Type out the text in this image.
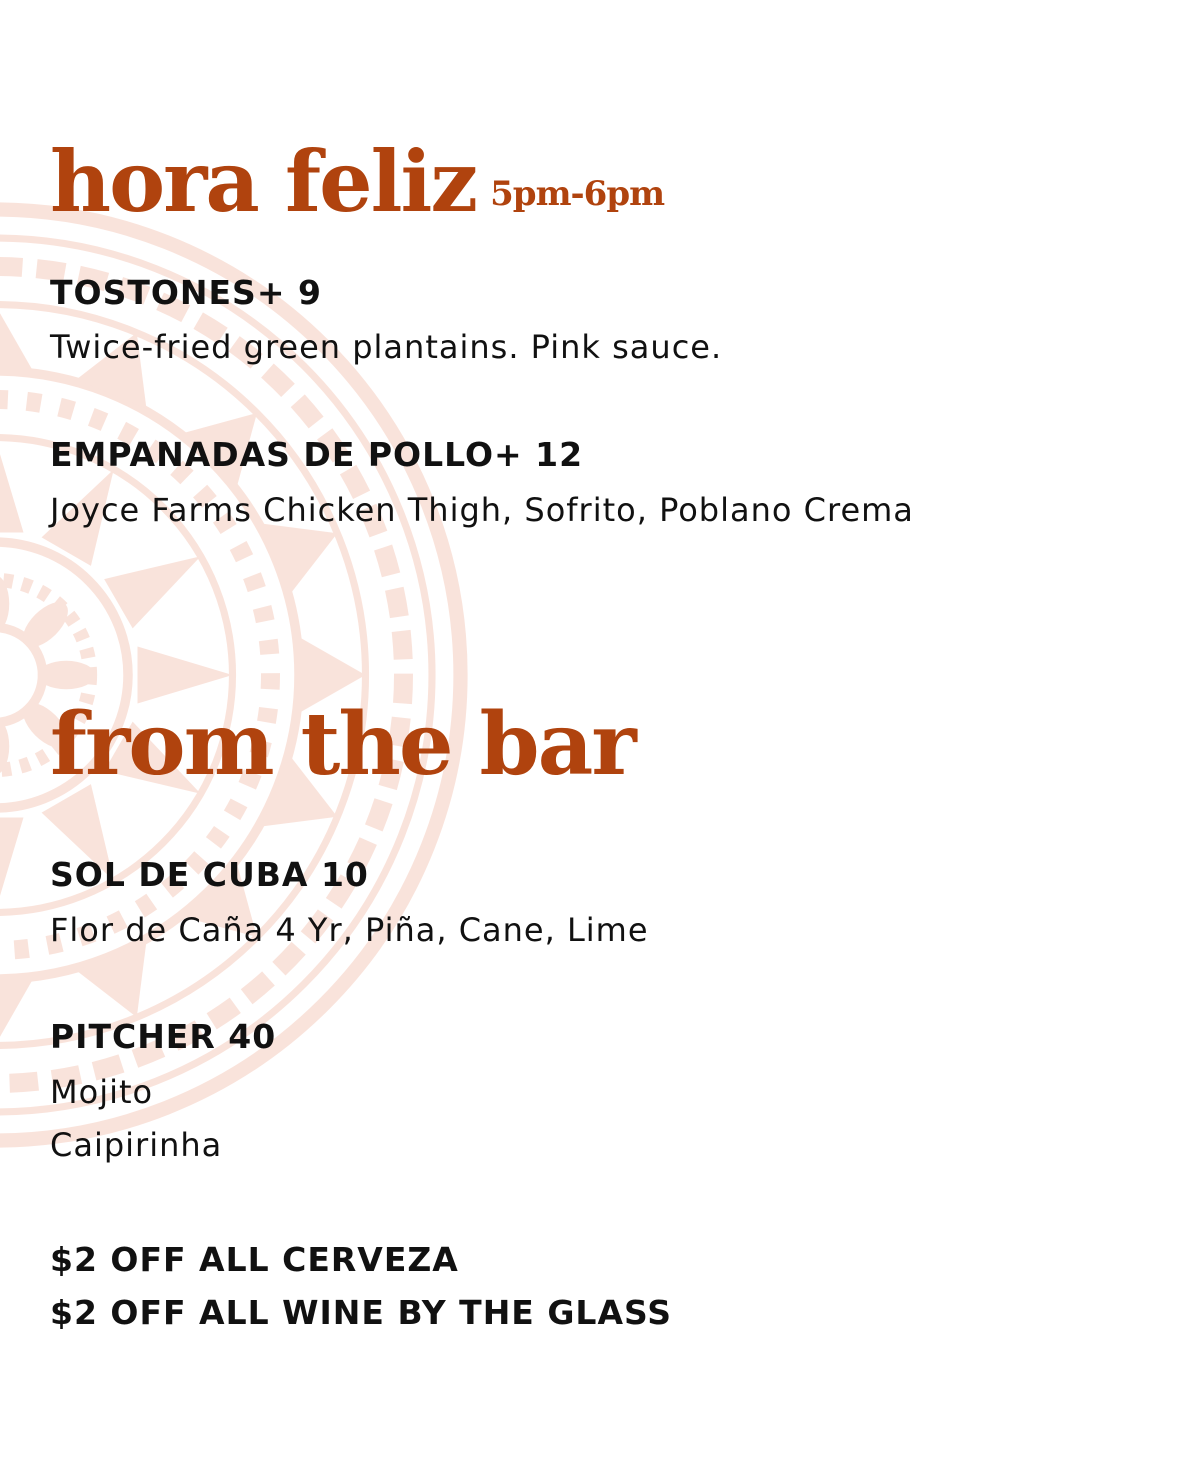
hora feliz 5pm-6pm
TOSTONES+ 9
Twice-fried green plantains. Pink sauce.
EMPANADAS DE POLLO+ 12
Joyce Farms Chicken Thigh, Sofrito, Poblano Crema
from the bar
SOL DE CUBA 10
Flor de Caña 4 Yr, Piña, Cane, Lime
PITCHER 40
Mojito
Caipirinha
$2 OFF ALL CERVEZA
$2 OFF ALL WINE BY THE GLASS
